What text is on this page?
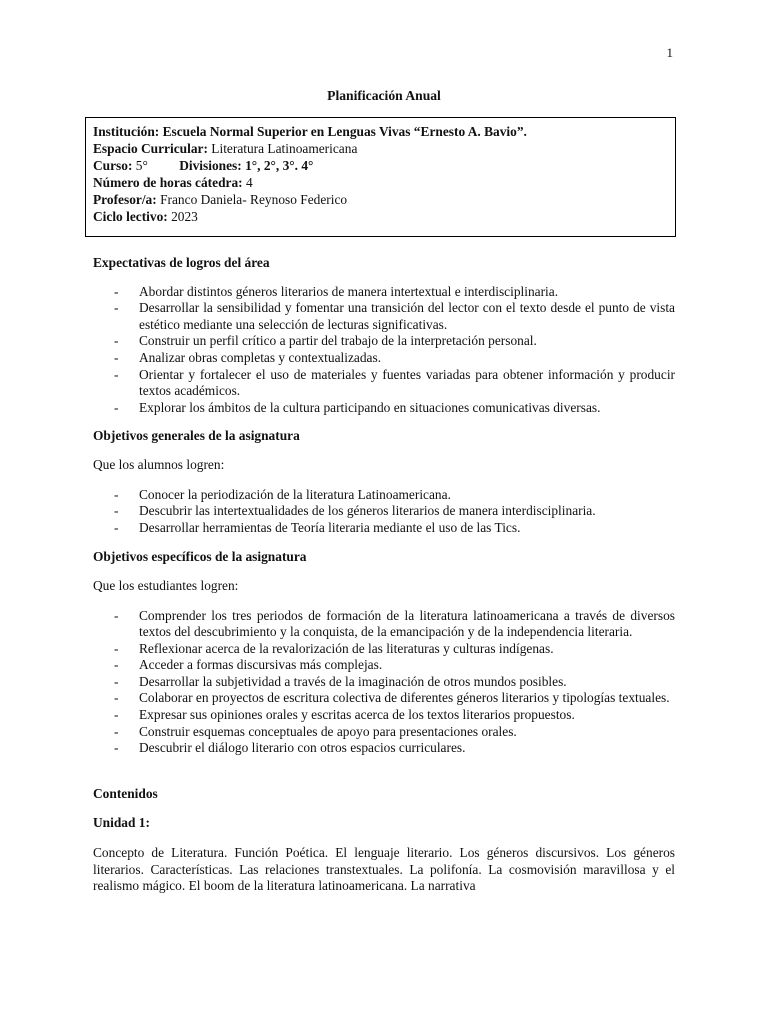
1
Planificación Anual
Institución: Escuela Normal Superior en Lenguas Vivas “Ernesto A. Bavio”.
Espacio Curricular: Literatura Latinoamericana
Curso: 5° Divisiones: 1°, 2°, 3°. 4°
Número de horas cátedra: 4
Profesor/a: Franco Daniela- Reynoso Federico
Ciclo lectivo: 2023

Expectativas de logros del área

- Abordar distintos géneros literarios de manera intertextual e interdisciplinaria.
- Desarrollar la sensibilidad y fomentar una transición del lector con el texto desde el punto de vista estético mediante una selección de lecturas significativas.
- Construir un perfil crítico a partir del trabajo de la interpretación personal.
- Analizar obras completas y contextualizadas.
- Orientar y fortalecer el uso de materiales y fuentes variadas para obtener información y producir textos académicos.
- Explorar los ámbitos de la cultura participando en situaciones comunicativas diversas.

Objetivos generales de la asignatura

Que los alumnos logren:

- Conocer la periodización de la literatura Latinoamericana.
- Descubrir las intertextualidades de los géneros literarios de manera interdisciplinaria.
- Desarrollar herramientas de Teoría literaria mediante el uso de las Tics.

Objetivos específicos de la asignatura

Que los estudiantes logren:

- Comprender los tres periodos de formación de la literatura latinoamericana a través de diversos textos del descubrimiento y la conquista, de la emancipación y de la independencia literaria.
- Reflexionar acerca de la revalorización de las literaturas y culturas indígenas.
- Acceder a formas discursivas más complejas.
- Desarrollar la subjetividad a través de la imaginación de otros mundos posibles.
- Colaborar en proyectos de escritura colectiva de diferentes géneros literarios y tipologías textuales.
- Expresar sus opiniones orales y escritas acerca de los textos literarios propuestos.
- Construir esquemas conceptuales de apoyo para presentaciones orales.
- Descubrir el diálogo literario con otros espacios curriculares.

Contenidos

Unidad 1:

Concepto de Literatura. Función Poética. El lenguaje literario. Los géneros discursivos. Los géneros literarios. Características. Las relaciones transtextuales. La polifonía. La cosmovisión maravillosa y el realismo mágico. El boom de la literatura latinoamericana. La narrativa
